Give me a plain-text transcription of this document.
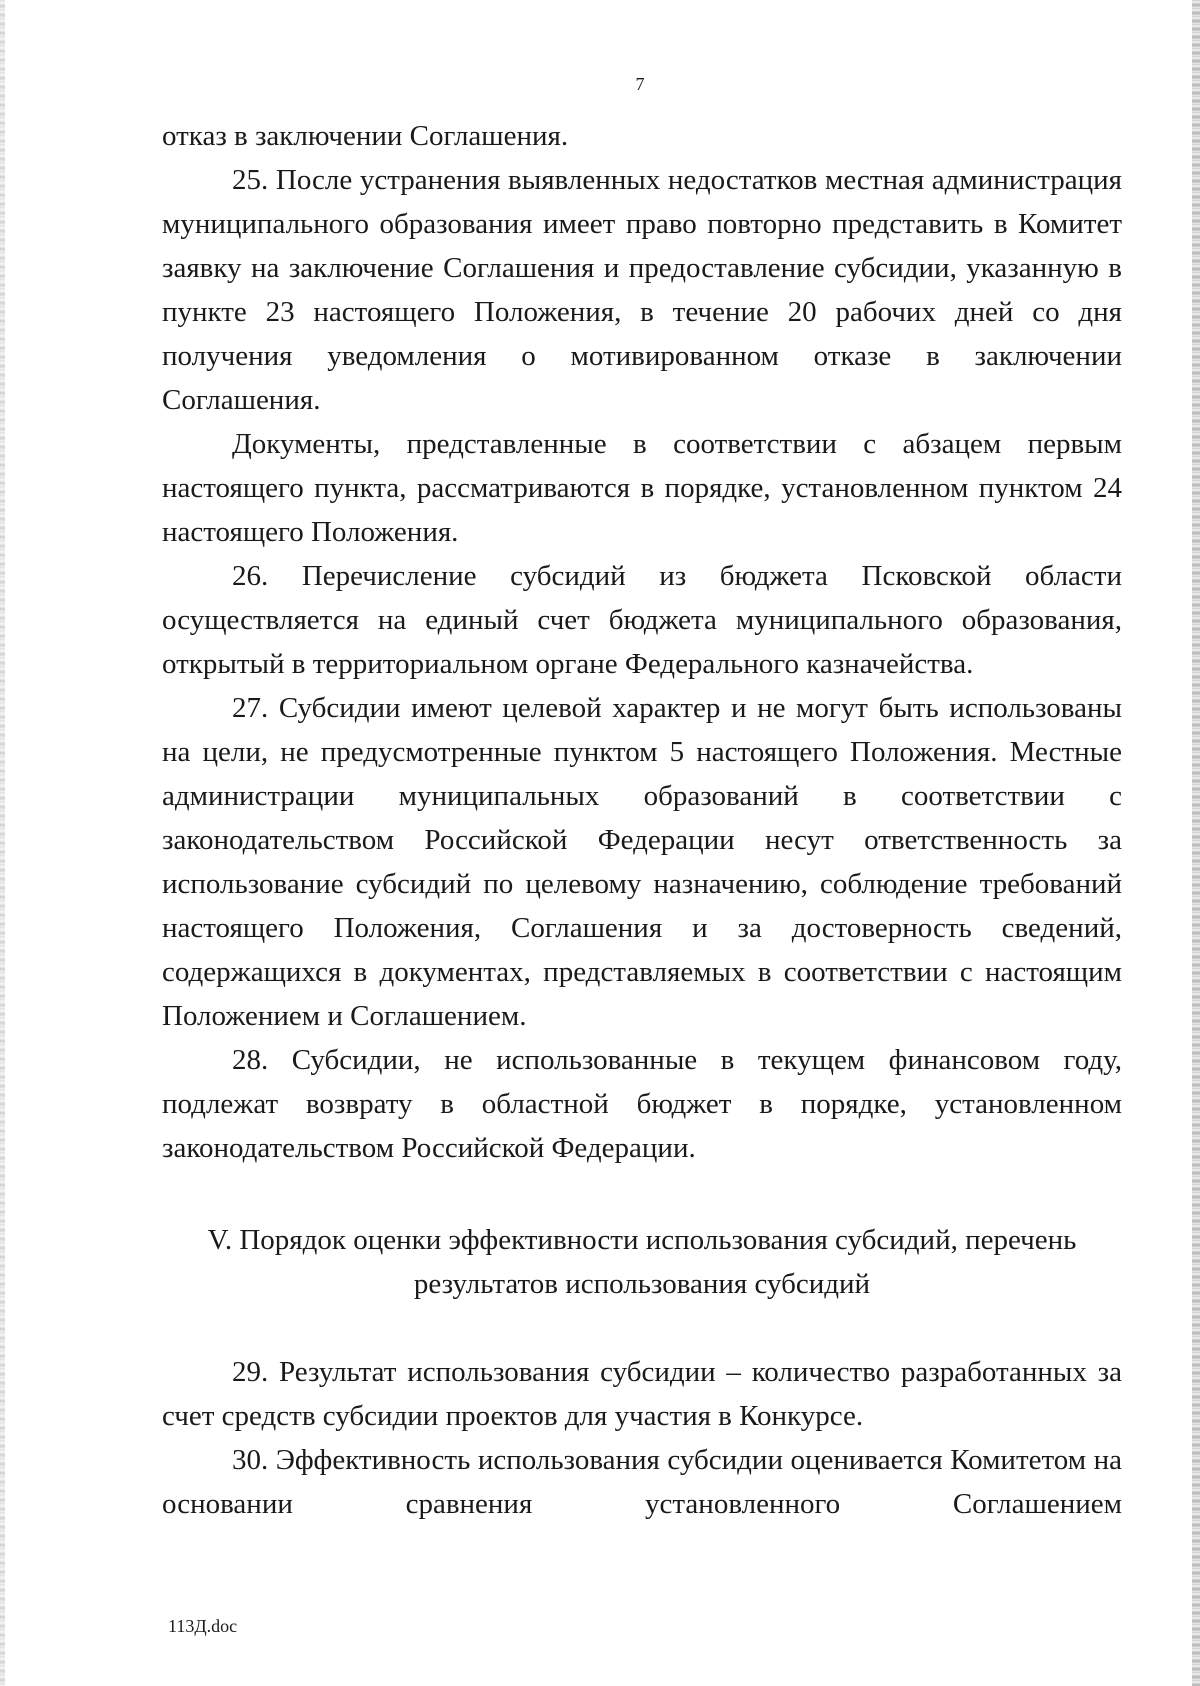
7

отказ в заключении Соглашения.

25. После устранения выявленных недостатков местная администрация муниципального образования имеет право повторно представить в Комитет заявку на заключение Соглашения и предоставление субсидии, указанную в пункте 23 настоящего Положения, в течение 20 рабочих дней со дня получения уведомления о мотивированном отказе в заключении Соглашения.

Документы, представленные в соответствии с абзацем первым настоящего пункта, рассматриваются в порядке, установленном пунктом 24 настоящего Положения.

26. Перечисление субсидий из бюджета Псковской области осуществляется на единый счет бюджета муниципального образования, открытый в территориальном органе Федерального казначейства.

27. Субсидии имеют целевой характер и не могут быть использованы на цели, не предусмотренные пунктом 5 настоящего Положения. Местные администрации муниципальных образований в соответствии с законодательством Российской Федерации несут ответственность за использование субсидий по целевому назначению, соблюдение требований настоящего Положения, Соглашения и за достоверность сведений, содержащихся в документах, представляемых в соответствии с настоящим Положением и Соглашением.

28. Субсидии, не использованные в текущем финансовом году, подлежат возврату в областной бюджет в порядке, установленном законодательством Российской Федерации.

V. Порядок оценки эффективности использования субсидий, перечень
результатов использования субсидий

29. Результат использования субсидии – количество разработанных за счет средств субсидии проектов для участия в Конкурсе.

30. Эффективность использования субсидии оценивается Комитетом на основании сравнения установленного Соглашением

113Д.doc
